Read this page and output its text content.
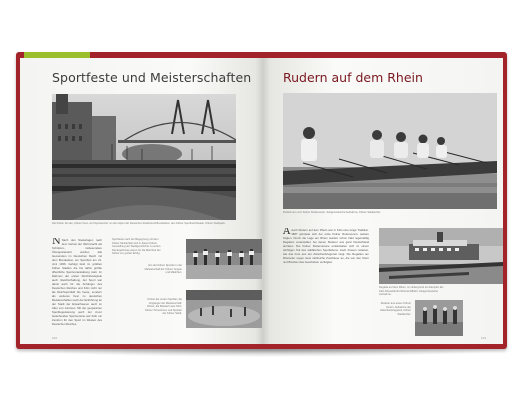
Sportfeste und Meisterschaften
Die Kölner bei der „Kölner Fest- und Sportwoche“ an den Alpen der Deutschen Ruderbund Bundesfest, den Kölner Sporthochtheater. Kölner Stadtpark.
N Nach den Niederlagen nach dem Verlust der Wehrmacht als Schützen-, insbesondere Übungsstandort wurden alle Gemeinden im Deutschen Reich mit dem Bundesfest, ein Sportfest am 21. Juni 1936. Gefolgt fand im größten Kölner Stadion die bis dahin größte öffentliche Sportveranstaltung statt. Im Rahmen der ersten Reichsfestspiele auch Gleichschaltung, der Sport war damit auch für die Anhänger des Deutschen Reiches und Köln nicht nur als Reichsportfeld bis heute, sondern als weiteres Fest zu deutschen Meisterschaften nach der Einführung an der Stadt der Erwachsenen auch im Alter von Junioren. Mit der gespannten Sportbegeisterung auch der zuvor bestehenden Sportvereine war Köln ein Zentrum für den Sport im Westen des Deutschen Reiches.
Sportfeste nach der Begegnung mit dem Kölner Meistertitel sind in dieser Kölner Ausstellung der Stadtgeschichte zu sehen. Die Ergebnisse waren für die Mehrheit der Kölner ein großer Erfolg.
Ein der Kölner Sportler in der Meisterschaft der Kölner Jungen und Mädchen.
Kölner der ersten Sportler, die Vorgänger der Meisterschaft: Kölner, die Meisterin aus Köln, Kölner Turnerinnen und Sportler der Kölner Stadt.
102
Rudern auf dem Rhein
Ruderinnen vom Kölner Ruderverein, Zeitgenössische Aufnahme, Kölner Stadtarchiv.
A Auch Rudern auf dem Rhein war in Köln eine lange Tradition. 1887 gründete sich der erste Kölner Ruderverein, weitere folgten. Durch die Lage am Rhein wurden schon bald regelmäßig Regatten veranstaltet, bei denen Ruderer aus ganz Deutschland antraten. Die Kölner Rudervereine entwickelten sich zu einem wichtigen Teil des städtischen Sportlebens. Auch Frauen ruderten, wie das Foto aus der Zwischenkriegszeit zeigt. Die Regatten am Rheinufer zogen stets zahlreiche Zuschauer an, die von den Ufern und Brücken das Geschehen verfolgten.
Regatta auf dem Rhein, im Hintergrund ein Dampfer der Köln-Düsseldorfer Rheinschiffahrt. Zeitgenössische Aufnahme.
Ruderer aus einem Kölner Verein, Aufnahme der Zwischenkriegszeit, Kölner Stadtarchiv.
103
